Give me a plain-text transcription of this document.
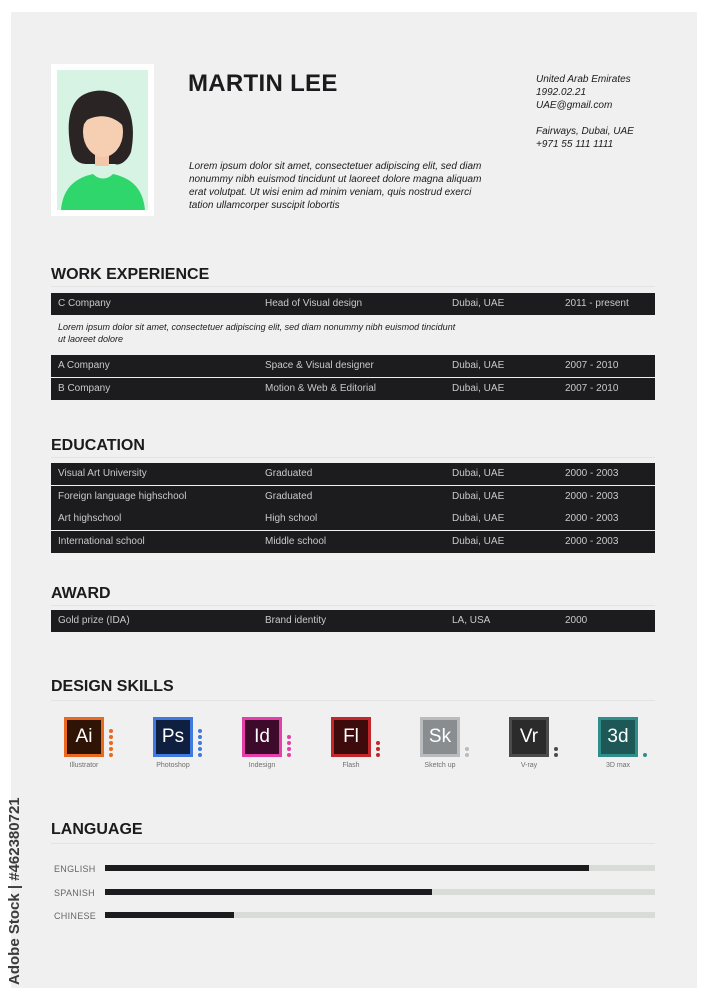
MARTIN LEE

Lorem ipsum dolor sit amet, consectetuer adipiscing elit, sed diam nonummy nibh euismod tincidunt ut laoreet dolore magna aliquam erat volutpat. Ut wisi enim ad minim veniam, quis nostrud exerci tation ullamcorper suscipit lobortis

United Arab Emirates
1992.02.21
UAE@gmail.com
Fairways, Dubai, UAE
+971 55 111 1111
WORK EXPERIENCE
C Company	Head of Visual design	Dubai, UAE	2011 - present

Lorem ipsum dolor sit amet, consectetuer adipiscing elit, sed diam nonummy nibh euismod tincidunt ut laoreet dolore

A Company	Space & Visual designer	Dubai, UAE	2007 - 2010
B Company	Motion & Web & Editorial	Dubai, UAE	2007 - 2010
EDUCATION
Visual Art University	Graduated	Dubai, UAE	2000 - 2003
Foreign language highschool	Graduated	Dubai, UAE	2000 - 2003
Art highschool	High school	Dubai, UAE	2000 - 2003
International school	Middle school	Dubai, UAE	2000 - 2003
AWARD
Gold prize (IDA)	Brand identity	LA, USA	2000
DESIGN SKILLS
Ai
Illustrator
Ps
Photoshop
Id
Indesign
Fl
Flash
Sk
Sketch up
Vr
V-ray
3d
3D max
LANGUAGE
ENGLISH
SPANISH
CHINESE
Adobe Stock | #462380721
